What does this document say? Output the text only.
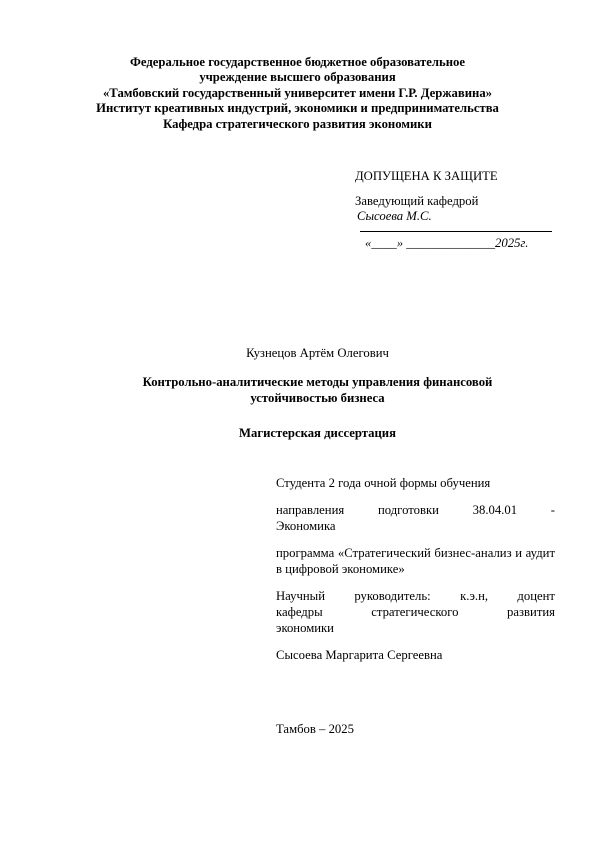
Федеральное государственное бюджетное образовательное
учреждение высшего образования
«Тамбовский государственный университет имени Г.Р. Державина»
Институт креативных индустрий, экономики и предпринимательства
Кафедра стратегического развития экономики
ДОПУЩЕНА К ЗАЩИТЕ
Заведующий кафедрой
Сысоева М.С.
«____» ______________2025г.
Кузнецов Артём Олегович
Контрольно-аналитические методы управления финансовой
устойчивостью бизнеса
Магистерская диссертация

Студента 2 года очной формы обучения

направления	подготовки	38.04.01	-
Экономика

программа «Стратегический бизнес-анализ и аудит в цифровой экономике»

Научный руководитель: к.э.н, доцент
кафедры	стратегического	развития
экономики

Сысоева Маргарита Сергеевна

Тамбов – 2025
